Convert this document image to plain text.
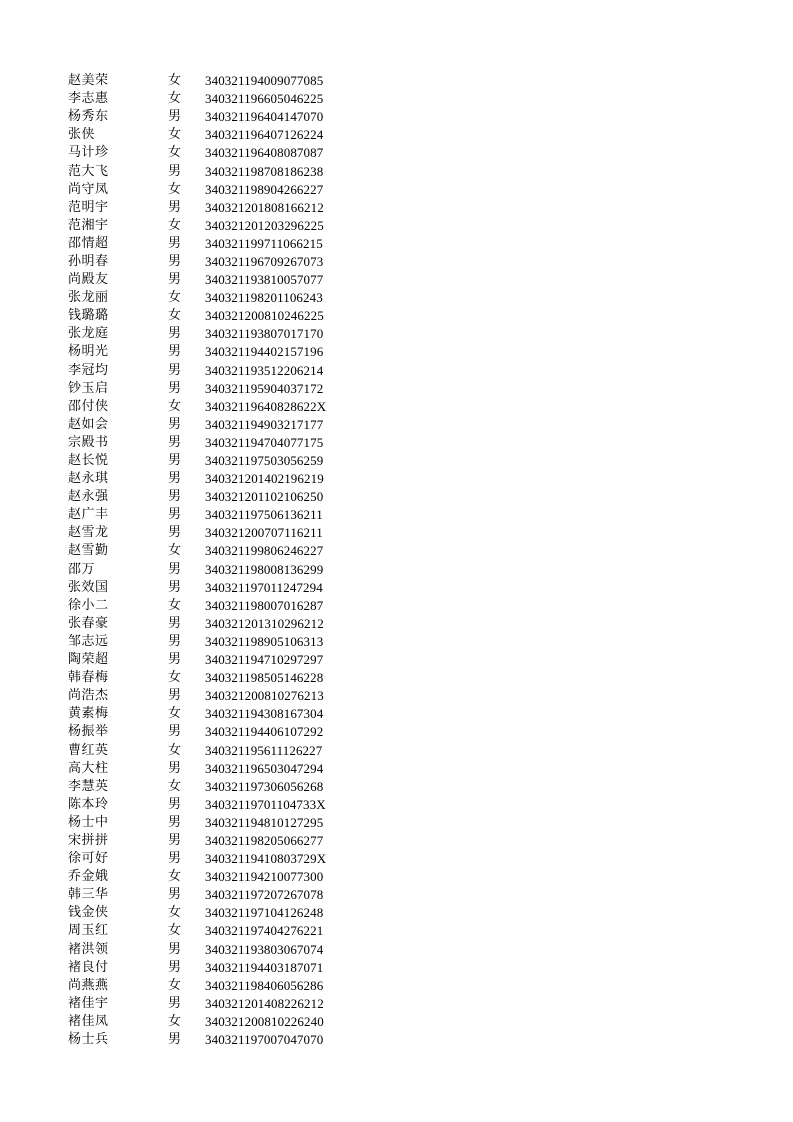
赵美荣	女	340321194009077085
李志惠	女	340321196605046225
杨秀东	男	340321196404147070
张侠	女	340321196407126224
马计珍	女	340321196408087087
范大飞	男	340321198708186238
尚守凤	女	340321198904266227
范明宇	男	340321201808166212
范湘宇	女	340321201203296225
邵情超	男	340321199711066215
孙明春	男	340321196709267073
尚殿友	男	340321193810057077
张龙丽	女	340321198201106243
钱璐璐	女	340321200810246225
张龙庭	男	340321193807017170
杨明光	男	340321194402157196
李冠均	男	340321193512206214
钞玉启	男	340321195904037172
邵付侠	女	34032119640828622X
赵如会	男	340321194903217177
宗殿书	男	340321194704077175
赵长悦	男	340321197503056259
赵永琪	男	340321201402196219
赵永强	男	340321201102106250
赵广丰	男	340321197506136211
赵雪龙	男	340321200707116211
赵雪勤	女	340321199806246227
邵万	男	340321198008136299
张效国	男	340321197011247294
徐小二	女	340321198007016287
张春豪	男	340321201310296212
邹志远	男	340321198905106313
陶荣超	男	340321194710297297
韩春梅	女	340321198505146228
尚浩杰	男	340321200810276213
黄素梅	女	340321194308167304
杨振举	男	340321194406107292
曹红英	女	340321195611126227
高大柱	男	340321196503047294
李慧英	女	340321197306056268
陈本玲	男	34032119701104733X
杨士中	男	340321194810127295
宋拼拼	男	340321198205066277
徐可好	男	34032119410803729X
乔金娥	女	340321194210077300
韩三华	男	340321197207267078
钱金侠	女	340321197104126248
周玉红	女	340321197404276221
褚洪领	男	340321193803067074
褚良付	男	340321194403187071
尚燕燕	女	340321198406056286
褚佳宇	男	340321201408226212
褚佳凤	女	340321200810226240
杨士兵	男	340321197007047070
